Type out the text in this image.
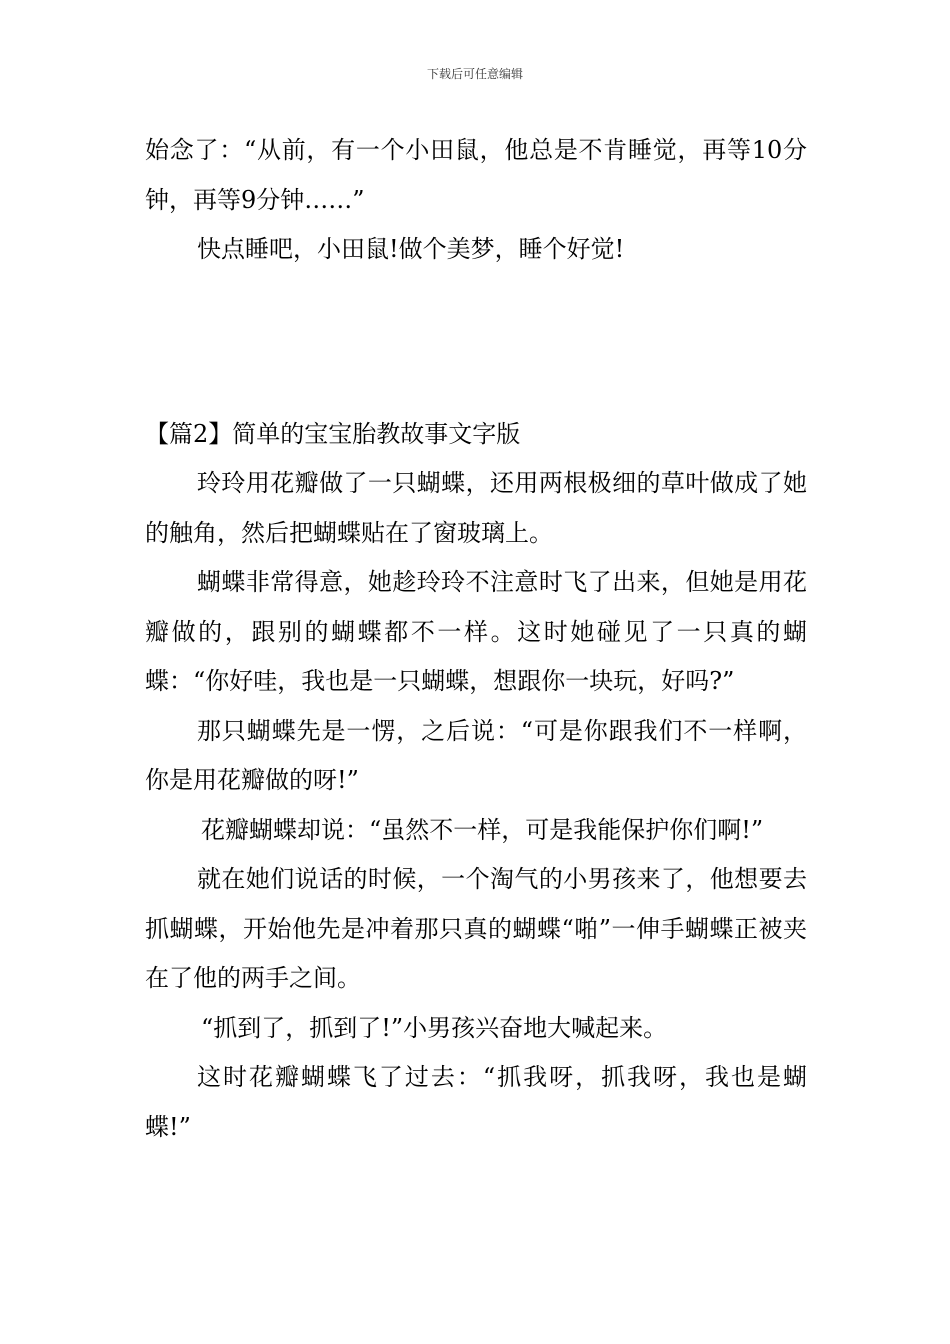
下载后可任意编辑

始念了：“从前，有一个小田鼠，他总是不肯睡觉，再等10分钟，再等9分钟……”

快点睡吧，小田鼠!做个美梦，睡个好觉!

【篇2】简单的宝宝胎教故事文字版

玲玲用花瓣做了一只蝴蝶，还用两根极细的草叶做成了她的触角，然后把蝴蝶贴在了窗玻璃上。

蝴蝶非常得意，她趁玲玲不注意时飞了出来，但她是用花瓣做的，跟别的蝴蝶都不一样。这时她碰见了一只真的蝴蝶：“你好哇，我也是一只蝴蝶，想跟你一块玩，好吗?”

那只蝴蝶先是一愣，之后说：“可是你跟我们不一样啊，你是用花瓣做的呀!”

花瓣蝴蝶却说：“虽然不一样，可是我能保护你们啊!”

就在她们说话的时候，一个淘气的小男孩来了，他想要去抓蝴蝶，开始他先是冲着那只真的蝴蝶“啪”一伸手蝴蝶正被夹在了他的两手之间。

“抓到了，抓到了!”小男孩兴奋地大喊起来。

这时花瓣蝴蝶飞了过去：“抓我呀，抓我呀，我也是蝴蝶!”
